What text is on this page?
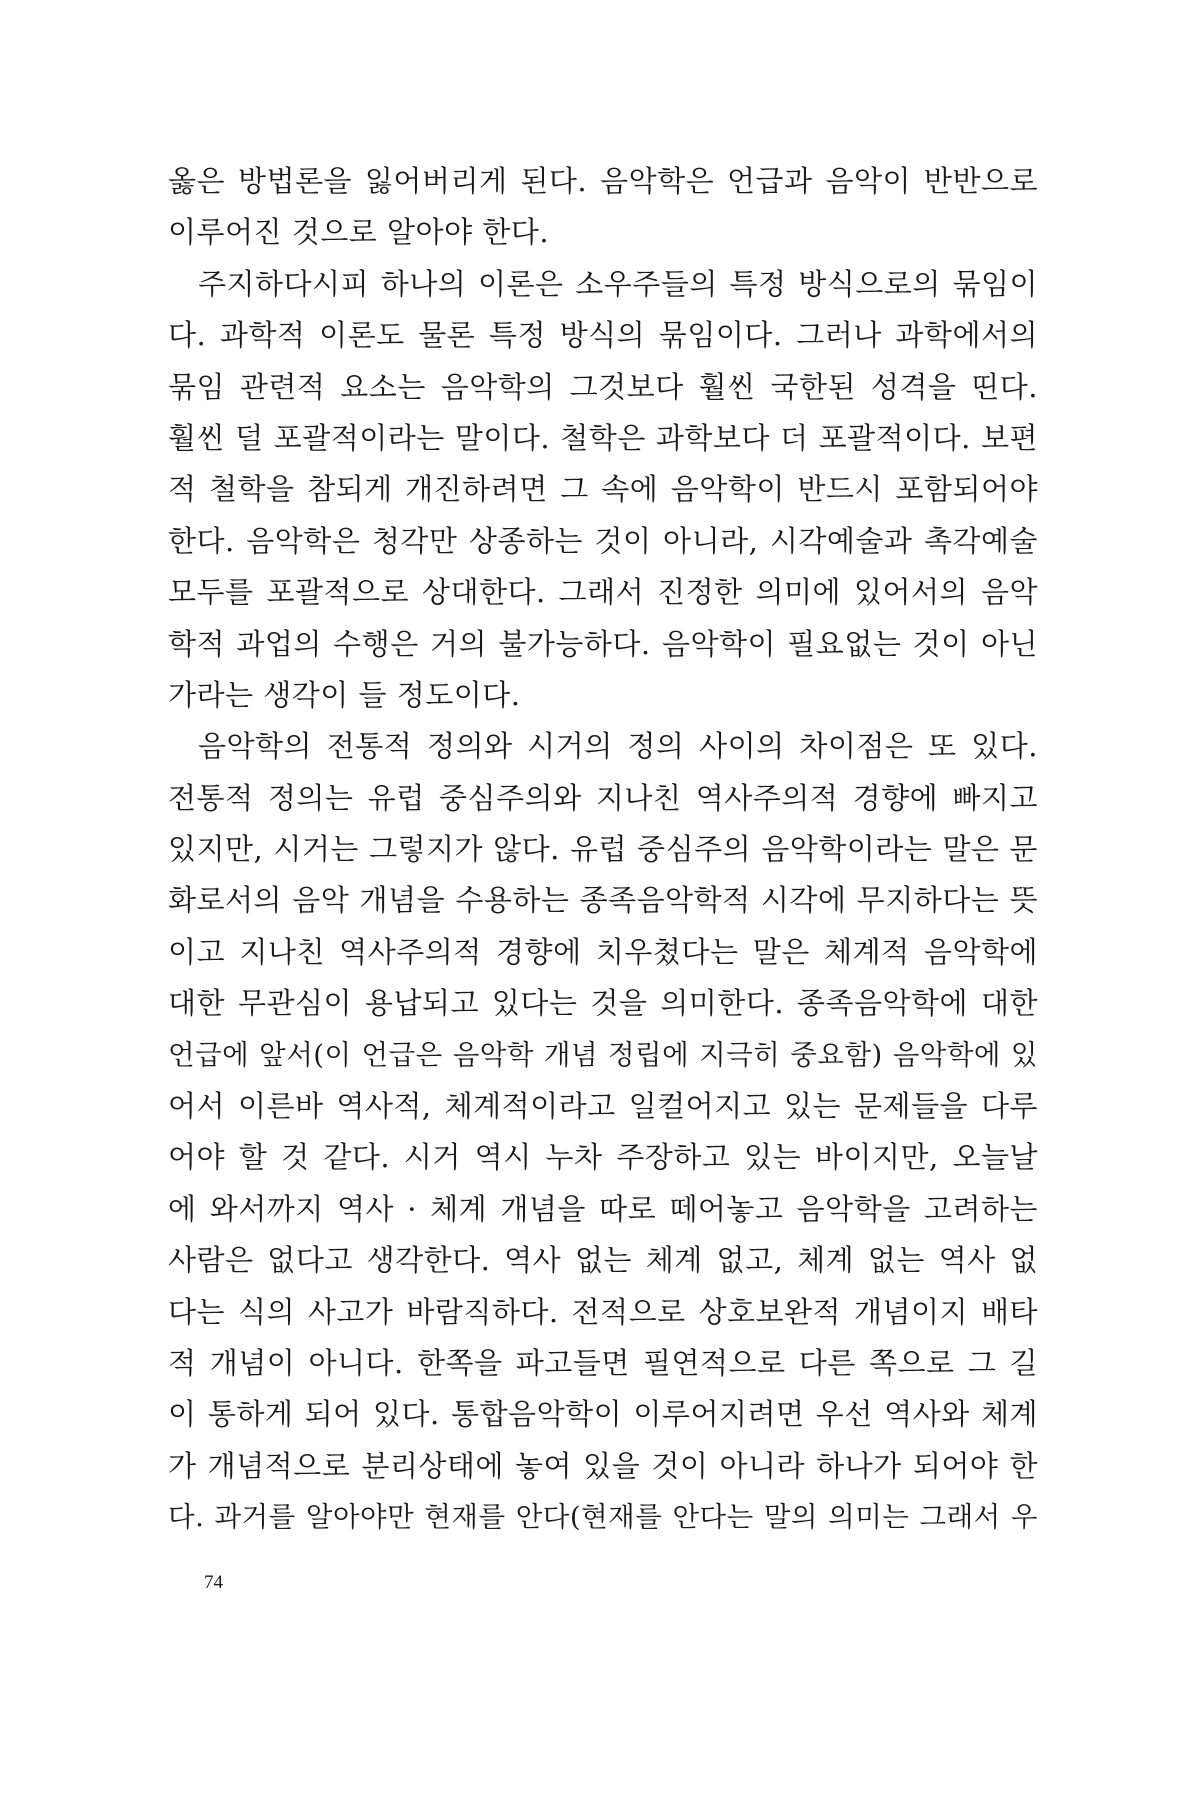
옳은 방법론을 잃어버리게 된다. 음악학은 언급과 음악이 반반으로
이루어진 것으로 알아야 한다.
주지하다시피 하나의 이론은 소우주들의 특정 방식으로의 묶임이
다. 과학적 이론도 물론 특정 방식의 묶임이다. 그러나 과학에서의
묶임 관련적 요소는 음악학의 그것보다 훨씬 국한된 성격을 띤다.
훨씬 덜 포괄적이라는 말이다. 철학은 과학보다 더 포괄적이다. 보편
적 철학을 참되게 개진하려면 그 속에 음악학이 반드시 포함되어야
한다. 음악학은 청각만 상종하는 것이 아니라, 시각예술과 촉각예술
모두를 포괄적으로 상대한다. 그래서 진정한 의미에 있어서의 음악
학적 과업의 수행은 거의 불가능하다. 음악학이 필요없는 것이 아닌
가라는 생각이 들 정도이다.
음악학의 전통적 정의와 시거의 정의 사이의 차이점은 또 있다.
전통적 정의는 유럽 중심주의와 지나친 역사주의적 경향에 빠지고
있지만, 시거는 그렇지가 않다. 유럽 중심주의 음악학이라는 말은 문
화로서의 음악 개념을 수용하는 종족음악학적 시각에 무지하다는 뜻
이고 지나친 역사주의적 경향에 치우쳤다는 말은 체계적 음악학에
대한 무관심이 용납되고 있다는 것을 의미한다. 종족음악학에 대한
언급에 앞서(이 언급은 음악학 개념 정립에 지극히 중요함) 음악학에 있
어서 이른바 역사적, 체계적이라고 일컬어지고 있는 문제들을 다루
어야 할 것 같다. 시거 역시 누차 주장하고 있는 바이지만, 오늘날
에 와서까지 역사 · 체계 개념을 따로 떼어놓고 음악학을 고려하는
사람은 없다고 생각한다. 역사 없는 체계 없고, 체계 없는 역사 없
다는 식의 사고가 바람직하다. 전적으로 상호보완적 개념이지 배타
적 개념이 아니다. 한쪽을 파고들면 필연적으로 다른 쪽으로 그 길
이 통하게 되어 있다. 통합음악학이 이루어지려면 우선 역사와 체계
가 개념적으로 분리상태에 놓여 있을 것이 아니라 하나가 되어야 한
다. 과거를 알아야만 현재를 안다(현재를 안다는 말의 의미는 그래서 우
74
